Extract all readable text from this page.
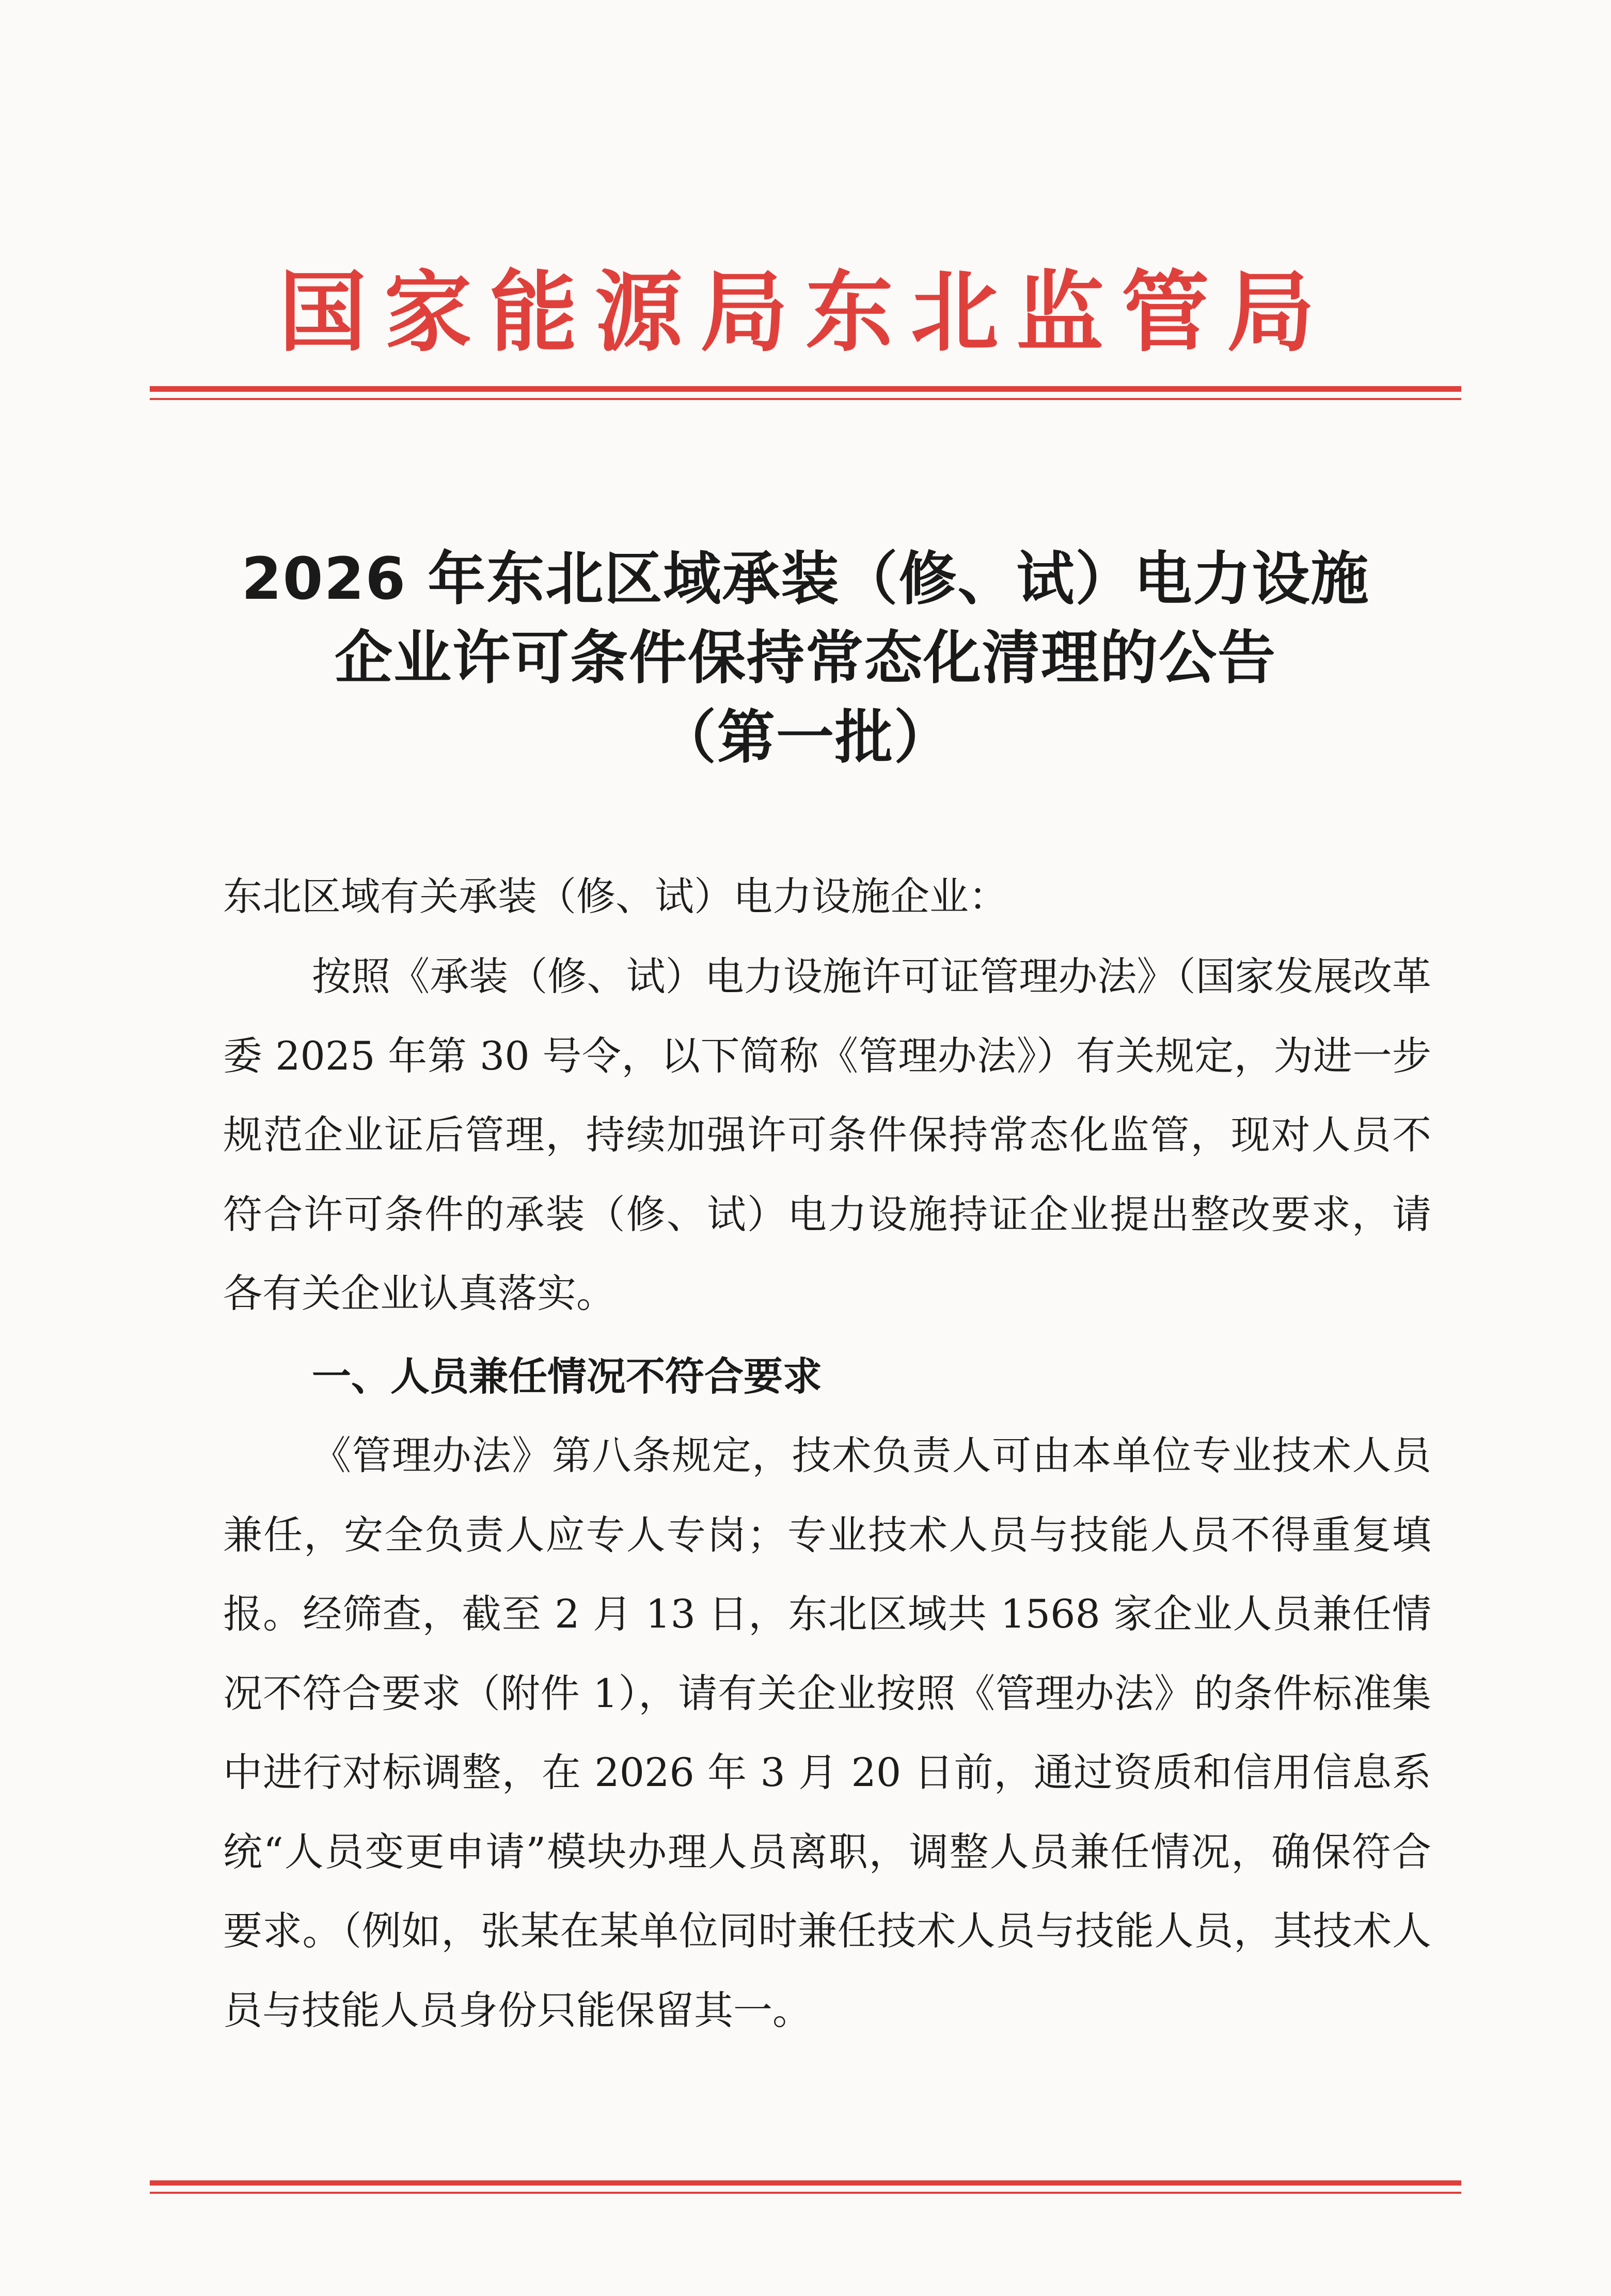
国家能源局东北监管局
2026 年东北区域承装（修、试）电力设施
企业许可条件保持常态化清理的公告
（第一批）
东北区域有关承装（修、试）电力设施企业：
按照《承装（修、试）电力设施许可证管理办法》（国家发展改革委 2025 年第 30 号令，以下简称《管理办法》）有关规定，为进一步规范企业证后管理，持续加强许可条件保持常态化监管，现对人员不符合许可条件的承装（修、试）电力设施持证企业提出整改要求，请各有关企业认真落实。
一、人员兼任情况不符合要求
《管理办法》第八条规定，技术负责人可由本单位专业技术人员兼任，安全负责人应专人专岗；专业技术人员与技能人员不得重复填报。经筛查，截至 2 月 13 日，东北区域共 1568 家企业人员兼任情况不符合要求（附件 1），请有关企业按照《管理办法》的条件标准集中进行对标调整，在 2026 年 3 月 20 日前，通过资质和信用信息系统“人员变更申请”模块办理人员离职，调整人员兼任情况，确保符合要求。（例如，张某在某单位同时兼任技术人员与技能人员，其技术人员与技能人员身份只能保留其一。
